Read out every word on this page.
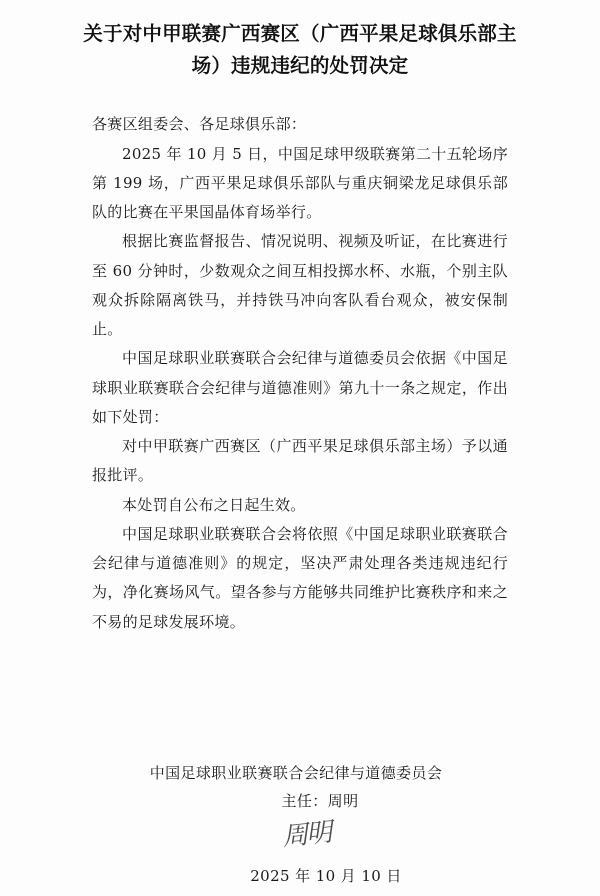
关于对中甲联赛广西赛区（广西平果足球俱乐部主场）违规违纪的处罚决定

各赛区组委会、各足球俱乐部：

2025 年 10 月 5 日，中国足球甲级联赛第二十五轮场序第 199 场，广西平果足球俱乐部队与重庆铜梁龙足球俱乐部队的比赛在平果国晶体育场举行。

根据比赛监督报告、情况说明、视频及听证，在比赛进行至 60 分钟时，少数观众之间互相投掷水杯、水瓶，个别主队观众拆除隔离铁马，并持铁马冲向客队看台观众，被安保制止。

中国足球职业联赛联合会纪律与道德委员会依据《中国足球职业联赛联合会纪律与道德准则》第九十一条之规定，作出如下处罚：

对中甲联赛广西赛区（广西平果足球俱乐部主场）予以通报批评。

本处罚自公布之日起生效。

中国足球职业联赛联合会将依照《中国足球职业联赛联合会纪律与道德准则》的规定，坚决严肃处理各类违规违纪行为，净化赛场风气。望各参与方能够共同维护比赛秩序和来之不易的足球发展环境。

中国足球职业联赛联合会纪律与道德委员会
主任：周明
周明
2025 年 10 月 10 日
